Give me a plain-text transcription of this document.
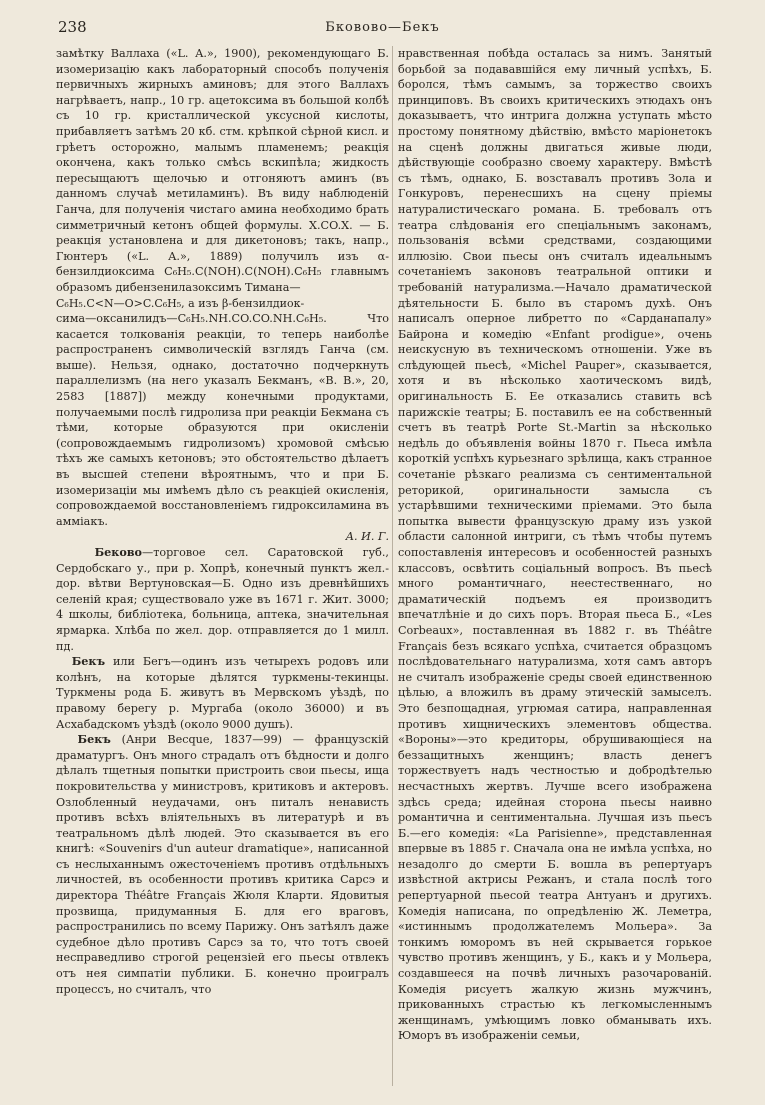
238	Бковово—Бекъ

замѣтку Валлаха («L. A.», 1900), рекомендующаго Б. изомеризацію какъ лабораторный способъ полученія первичныхъ жирныхъ аминовъ; для этого Валлахъ нагрѣваетъ, напр., 10 гр. ацетоксима въ большой колбѣ съ 10 гр. кристаллической уксусной кислоты, прибавляетъ затѣмъ 20 кб. стм. крѣпкой сѣрной кисл. и грѣетъ осторожно, малымъ пламенемъ; реакція окончена, какъ только смѣсь вскипѣла; жидкость пересыщаютъ щелочью и отгоняютъ аминъ (въ данномъ случаѣ метиламинъ). Въ виду наблюденій Ганча, для полученія чистаго амина необходимо брать симметричный кетонъ общей формулы. X.CO.X. — Б. реакція установлена и для дикетоновъ; такъ, напр., Гюнтеръ («L. A.», 1889) получилъ изъ α-бензилдиоксима C₆H₅.C(NOH).C(NOH).C₆H₅ главнымъ образомъ дибензенилазоксимъ Тимана—

C₆H₅.C<N—O>C.C₆H₅, а изъ β-бензилдиок-

сима—оксанилидъ—C₆H₅.NH.CO.CO.NH.C₆H₅. Что касается толкованія реакціи, то теперь наиболѣе распространенъ символическій взглядъ Ганча (см. выше). Нельзя, однако, достаточно подчеркнуть параллелизмъ (на него указалъ Бекманъ, «B. B.», 20, 2583 [1887]) между конечными продуктами, получаемыми послѣ гидролиза при реакціи Бекмана съ тѣми, которые образуются при окисленіи (сопровождаемымъ гидролизомъ) хромовой смѣсью тѣхъ же самыхъ кетоновъ; это обстоятельство дѣлаетъ въ высшей степени вѣроятнымъ, что и при Б. изомеризаціи мы имѣемъ дѣло съ реакціей окисленія, сопровождаемой восстановленіемъ гидроксиламина въ аммiакъ.

А. И. Г.

Бековo—торговое сел. Саратовской губ., Сердобскаго у., при р. Хопрѣ, конечный пунктъ жел.-дор. вѣтви Вертуновская—Б. Одно изъ древнѣйшихъ селеній края; существовало уже въ 1671 г. Жит. 3000; 4 школы, библіотека, больница, аптека, значительная ярмарка. Хлѣба по жел. дор. отправляется до 1 милл. пд.

Бекъ или Бегъ—одинъ изъ четырехъ родовъ или колѣнъ, на которые дѣлятся туркмены-текинцы. Туркмены рода Б. живутъ въ Мервскомъ уѣздѣ, по правому берегу р. Мургаба (около 36000) и въ Асхабадскомъ уѣздѣ (около 9000 душъ).

Бекъ (Анри Becque, 1837—99) — французскій драматургъ. Онъ много страдалъ отъ бѣдности и долго дѣлалъ тщетныя попытки пристроить свои пьесы, ища покровительства у министровъ, критиковъ и актеровъ. Озлобленный неудачами, онъ питалъ ненависть противъ всѣхъ вліятельныхъ въ литературѣ и въ театральномъ дѣлѣ людей. Это сказывается въ его книгѣ: «Souvenirs d'un auteur dramatique», написанной съ неслыханнымъ ожесточеніемъ противъ отдѣльныхъ личностей, въ особенности противъ критика Сарсэ и директора Théâtre Français Жюля Кларти. Ядовитыя прозвища, придуманныя Б. для его враговъ, распространились по всему Парижу. Онъ затѣялъ даже судебное дѣло противъ Сарсэ за то, что тотъ своей несправедливо строгой рецензіей его пьесы отвлекъ отъ нея симпатіи публики. Б. конечно проигралъ процессъ, но считалъ, что

нравственная побѣда осталась за нимъ. Занятый борьбой за подававшійся ему личный успѣхъ, Б. боролся, тѣмъ самымъ, за торжество своихъ принциповъ. Въ своихъ критическихъ этюдахъ онъ доказываетъ, что интрига должна уступать мѣсто простому понятному дѣйствію, вмѣсто маріонетокъ на сценѣ должны двигаться живые люди, дѣйствующіе сообразно своему характеру. Вмѣстѣ съ тѣмъ, однако, Б. возставалъ противъ Зола и Гонкуровъ, перенесшихъ на сцену пріемы натуралистическаго романа. Б. требовалъ отъ театра слѣдованія его спеціальнымъ законамъ, пользованія всѣми средствами, создающими иллюзію. Свои пьесы онъ считалъ идеальнымъ сочетаніемъ законовъ театральной оптики и требованій натурализма.—Начало драматической дѣятельности Б. было въ старомъ духѣ. Онъ написалъ оперное либретто по «Сарданапалу» Байрона и комедію «Enfant prodigue», очень неискусную въ техническомъ отношеніи. Уже въ слѣдующей пьесѣ, «Michel Pauper», сказывается, хотя и въ нѣсколько хаотическомъ видѣ, оригинальность Б. Ее отказались ставить всѣ парижскіе театры; Б. поставилъ ее на собственный счетъ въ театрѣ Porte St.-Martin за нѣсколько недѣль до объявленія войны 1870 г. Пьеса имѣла короткій успѣхъ курьезнаго зрѣлища, какъ странное сочетаніе рѣзкаго реализма съ сентиментальной реторикой, оригинальности замысла съ устарѣвшими техническими пріемами. Это была попытка вывести французскую драму изъ узкой области салонной интриги, съ тѣмъ чтобы путемъ сопоставленія интересовъ и особенностей разныхъ классовъ, освѣтить соціальный вопросъ. Въ пьесѣ много романтичнаго, неестественнаго, но драматическій подъемъ ея производитъ впечатлѣніе и до сихъ поръ. Вторая пьеса Б., «Les Corbeaux», поставленная въ 1882 г. въ Théâtre Français безъ всякаго успѣха, считается образцомъ послѣдовательнаго натурализма, хотя самъ авторъ не считалъ изображеніе среды своей единственною цѣлью, а вложилъ въ драму этическій замыселъ. Это безпощадная, угрюмая сатира, направленная противъ хищническихъ элементовъ общества. «Вороны»—это кредиторы, обрушивающіеся на беззащитныхъ женщинъ; власть денегъ торжествуетъ надъ честностью и добродѣтелью несчастныхъ жертвъ. Лучше всего изображена здѣсь среда; идейная сторона пьесы наивно романтична и сентиментальна. Лучшая изъ пьесъ Б.—его комедія: «La Parisienne», представленная впервые въ 1885 г. Сначала она не имѣла успѣха, но незадолго до смерти Б. вошла въ репертуаръ извѣстной актрисы Режанъ, и стала послѣ того репертуарной пьесой театра Антуанъ и другихъ. Комедія написана, по опредѣленію Ж. Леметра, «истиннымъ продолжателемъ Мольера». За тонкимъ юморомъ въ ней скрывается горькое чувство противъ женщинъ, у Б., какъ и у Мольера, создавшееся на почвѣ личныхъ разочарованій. Комедія рисуетъ жалкую жизнь мужчинъ, прикованныхъ страстью къ легкомысленнымъ женщинамъ, умѣющимъ ловко обманывать ихъ. Юморъ въ изображеніи семьи,
